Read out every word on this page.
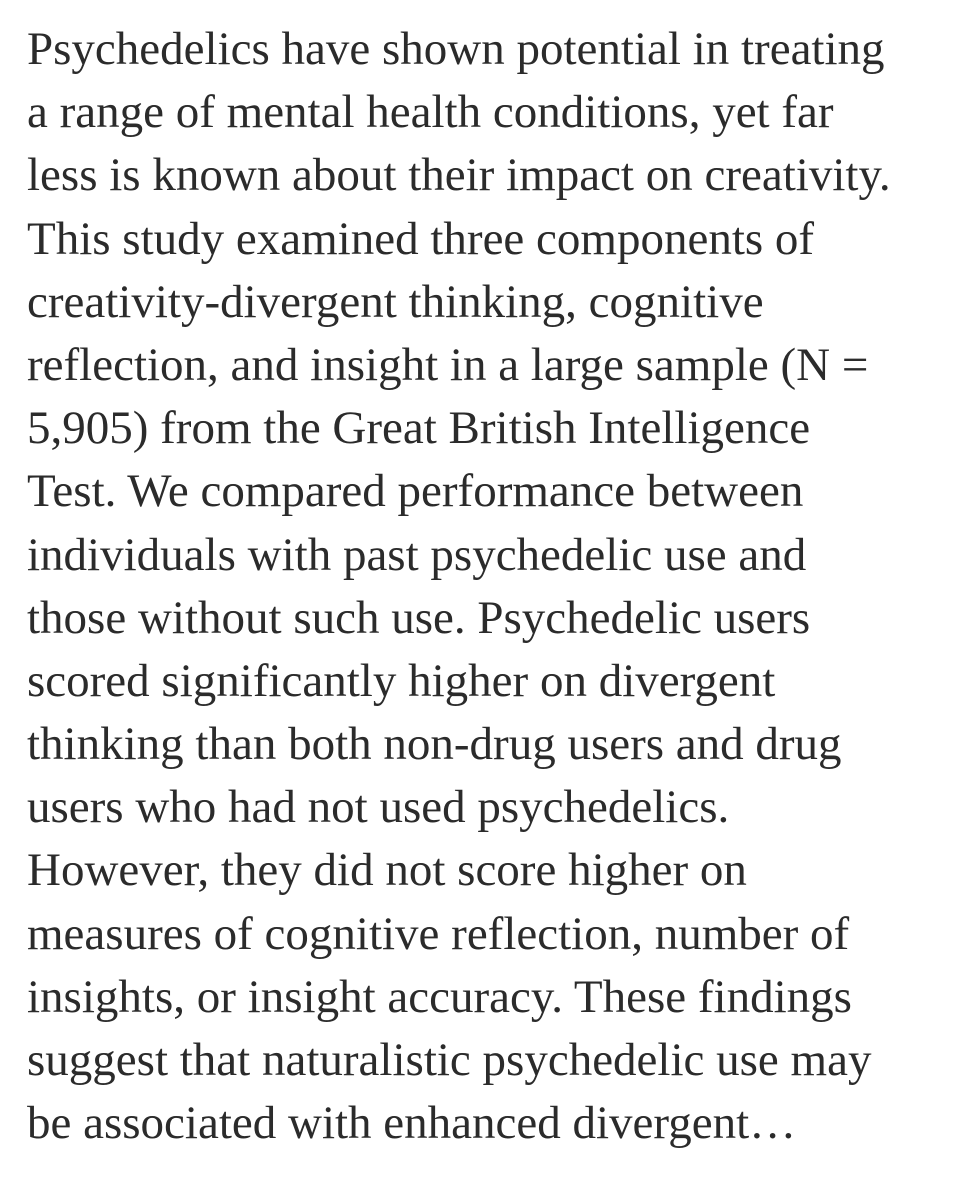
Psychedelics have shown potential in treating
a range of mental health conditions, yet far
less is known about their impact on creativity.
This study examined three components of
creativity-divergent thinking, cognitive
reflection, and insight in a large sample (N =
5,905) from the Great British Intelligence
Test. We compared performance between
individuals with past psychedelic use and
those without such use. Psychedelic users
scored significantly higher on divergent
thinking than both non-drug users and drug
users who had not used psychedelics.
However, they did not score higher on
measures of cognitive reflection, number of
insights, or insight accuracy. These findings
suggest that naturalistic psychedelic use may
be associated with enhanced divergent…
